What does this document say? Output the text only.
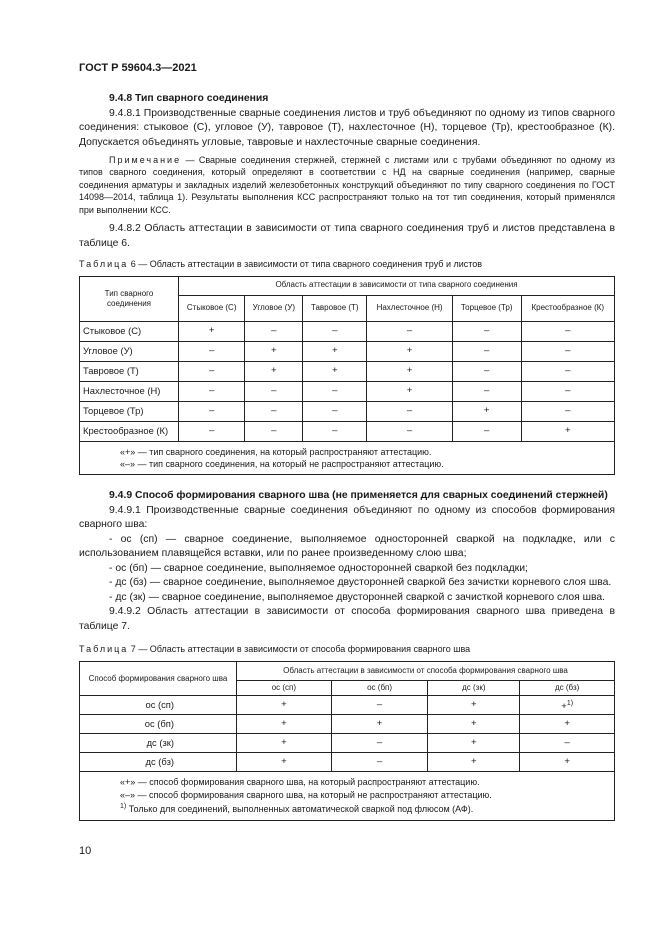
ГОСТ Р 59604.3—2021

9.4.8 Тип сварного соединения

9.4.8.1 Производственные сварные соединения листов и труб объединяют по одному из типов сварного соединения: стыковое (С), угловое (У), тавровое (Т), нахлесточное (Н), торцевое (Тр), крестообразное (К). Допускается объединять угловые, тавровые и нахлесточные сварные соединения.

Примечание — Сварные соединения стержней, стержней с листами или с трубами объединяют по одному из типов сварного соединения, который определяют в соответствии с НД на сварные соединения (например, сварные соединения арматуры и закладных изделий железобетонных конструкций объединяют по типу сварного соединения по ГОСТ 14098—2014, таблица 1). Результаты выполнения КСС распространяют только на тот тип соединения, который применялся при выполнении КСС.

9.4.8.2 Область аттестации в зависимости от типа сварного соединения труб и листов представлена в таблице 6.

Таблица 6 — Область аттестации в зависимости от типа сварного соединения труб и листов
Тип сварного соединения	Область аттестации в зависимости от типа сварного соединения					
	Стыковое (С)	Угловое (У)	Тавровое (Т)	Нахлесточное (Н)	Торцевое (Тр)	Крестообразное (К)
Стыковое (С)	+	–	–	–	–	–
Угловое (У)	–	+	+	+	–	–
Тавровое (Т)	–	+	+	+	–	–
Нахлесточное (Н)	–	–	–	+	–	–
Торцевое (Тр)	–	–	–	–	+	–
Крестообразное (К)	–	–	–	–	–	+

«+» — тип сварного соединения, на который распространяют аттестацию.
«–» — тип сварного соединения, на который не распространяют аттестацию.						

9.4.9 Способ формирования сварного шва (не применяется для сварных соединений стержней)

9.4.9.1 Производственные сварные соединения объединяют по одному из способов формирования сварного шва:

- ос (сп) — сварное соединение, выполняемое односторонней сваркой на подкладке, или с использованием плавящейся вставки, или по ранее произведенному слою шва;

- ос (бп) — сварное соединение, выполняемое односторонней сваркой без подкладки;

- дс (бз) — сварное соединение, выполняемое двусторонней сваркой без зачистки корневого слоя шва.

- дс (зк) — сварное соединение, выполняемое двусторонней сваркой с зачисткой корневого слоя шва.

9.4.9.2 Область аттестации в зависимости от способа формирования сварного шва приведена в таблице 7.

Таблица 7 — Область аттестации в зависимости от способа формирования сварного шва
Способ формирования сварного шва	Область аттестации в зависимости от способа формирования сварного шва			
	ос (сп)	ос (бп)	дс (зк)	дс (бз)
ос (сп)	+	–	+	+$^{1)}$
ос (бп)	+	+	+	+
дс (зк)	+	–	+	–
дс (бз)	+	–	+	+

«+» — способ формирования сварного шва, на который распространяют аттестацию.
«–» — способ формирования сварного шва, на который не распространяют аттестацию.
$^{1)}$ Только для соединений, выполненных автоматической сваркой под флюсом (АФ).				
10
